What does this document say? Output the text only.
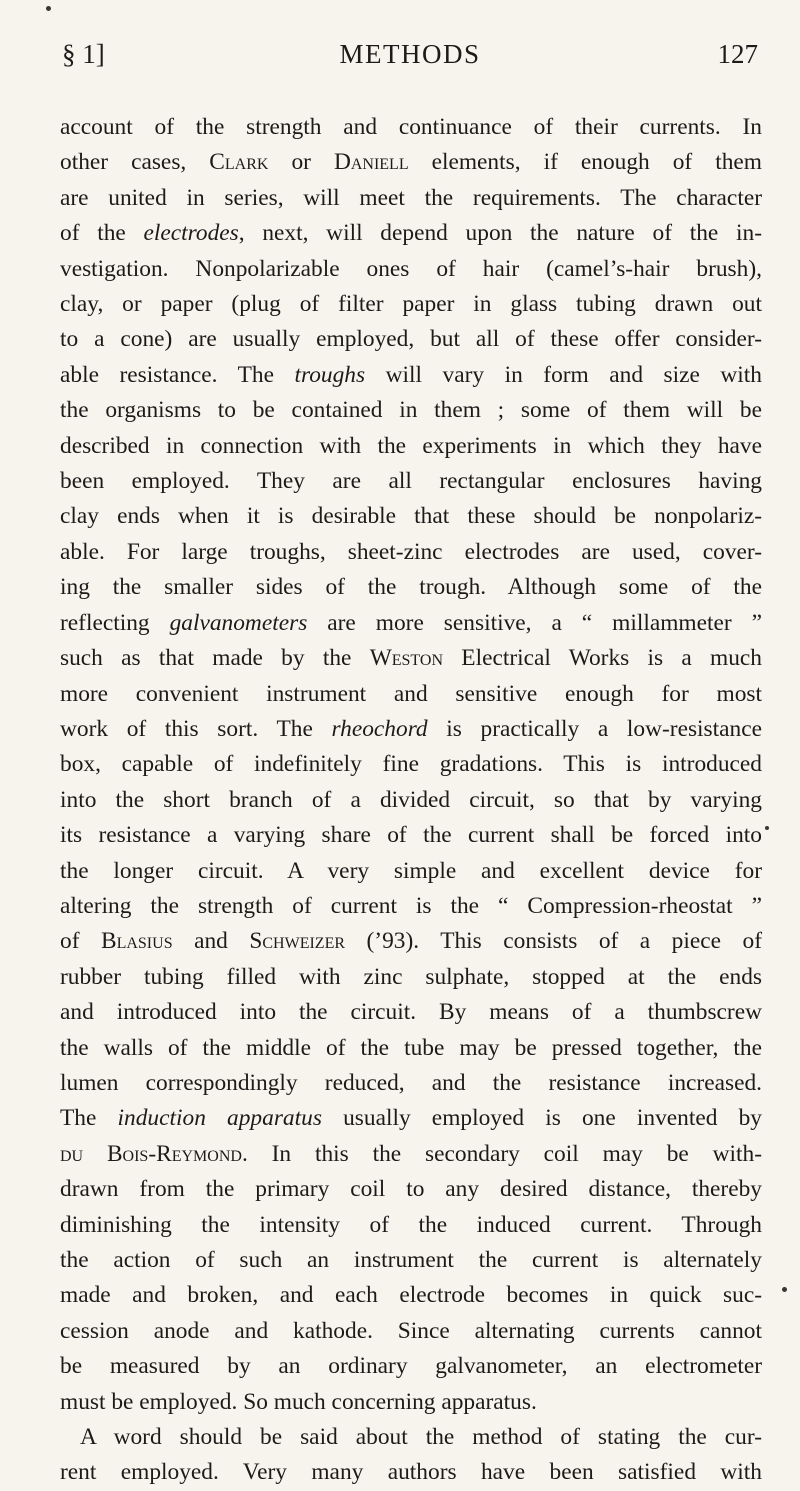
§ 1]	METHODS	127
account of the strength and continuance of their currents. In
other cases, Clark or Daniell elements, if enough of them
are united in series, will meet the requirements. The character
of the electrodes, next, will depend upon the nature of the in-
vestigation. Nonpolarizable ones of hair (camel’s-hair brush),
clay, or paper (plug of filter paper in glass tubing drawn out
to a cone) are usually employed, but all of these offer consider-
able resistance. The troughs will vary in form and size with
the organisms to be contained in them ; some of them will be
described in connection with the experiments in which they have
been employed. They are all rectangular enclosures having
clay ends when it is desirable that these should be nonpolariz-
able. For large troughs, sheet-zinc electrodes are used, cover-
ing the smaller sides of the trough. Although some of the
reflecting galvanometers are more sensitive, a “ millammeter ”
such as that made by the Weston Electrical Works is a much
more convenient instrument and sensitive enough for most
work of this sort. The rheochord is practically a low-resistance
box, capable of indefinitely fine gradations. This is introduced
into the short branch of a divided circuit, so that by varying
its resistance a varying share of the current shall be forced into
the longer circuit. A very simple and excellent device for
altering the strength of current is the “ Compression-rheostat ”
of Blasius and Schweizer (’93). This consists of a piece of
rubber tubing filled with zinc sulphate, stopped at the ends
and introduced into the circuit. By means of a thumbscrew
the walls of the middle of the tube may be pressed together, the
lumen correspondingly reduced, and the resistance increased.
The induction apparatus usually employed is one invented by
du Bois-Reymond. In this the secondary coil may be with-
drawn from the primary coil to any desired distance, thereby
diminishing the intensity of the induced current. Through
the action of such an instrument the current is alternately
made and broken, and each electrode becomes in quick suc-
cession anode and kathode. Since alternating currents cannot
be measured by an ordinary galvanometer, an electrometer
must be employed. So much concerning apparatus.
A word should be said about the method of stating the cur-
rent employed. Very many authors have been satisfied with
